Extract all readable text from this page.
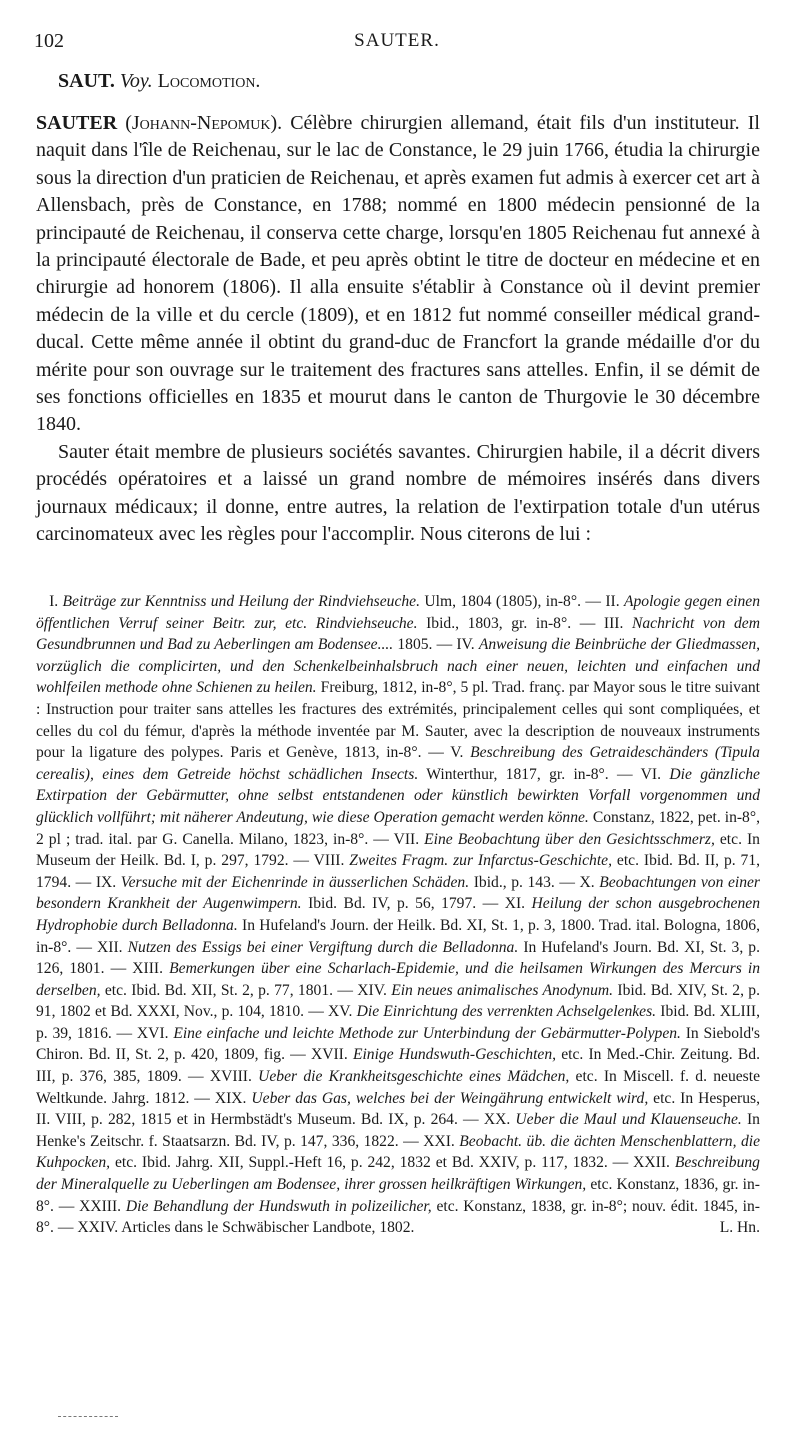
102	SAUTER.
SAUT. Voy. Locomotion.

SAUTER (Johann-Nepomuk). Célèbre chirurgien allemand, était fils d'un instituteur. Il naquit dans l'île de Reichenau, sur le lac de Constance, le 29 juin 1766, étudia la chirurgie sous la direction d'un praticien de Reichenau, et après examen fut admis à exercer cet art à Allensbach, près de Constance, en 1788; nommé en 1800 médecin pensionné de la principauté de Reichenau, il conserva cette charge, lorsqu'en 1805 Reichenau fut annexé à la principauté électorale de Bade, et peu après obtint le titre de docteur en médecine et en chirurgie ad honorem (1806). Il alla ensuite s'établir à Constance où il devint premier médecin de la ville et du cercle (1809), et en 1812 fut nommé conseiller médical grand-ducal. Cette même année il obtint du grand-duc de Francfort la grande médaille d'or du mérite pour son ouvrage sur le traitement des fractures sans attelles. Enfin, il se démit de ses fonctions officielles en 1835 et mourut dans le canton de Thurgovie le 30 décembre 1840.

Sauter était membre de plusieurs sociétés savantes. Chirurgien habile, il a décrit divers procédés opératoires et a laissé un grand nombre de mémoires insérés dans divers journaux médicaux; il donne, entre autres, la relation de l'extirpation totale d'un utérus carcinomateux avec les règles pour l'accomplir. Nous citerons de lui :

I. Beiträge zur Kenntniss und Heilung der Rindviehseuche. Ulm, 1804 (1805), in-8°. — II. Apologie gegen einen öffentlichen Verruf seiner Beitr. zur, etc. Rindviehseuche. Ibid., 1803, gr. in-8°. — III. Nachricht von dem Gesundbrunnen und Bad zu Aeberlingen am Bodensee.... 1805. — IV. Anweisung die Beinbrüche der Gliedmassen, vorzüglich die complicirten, und den Schenkelbeinhalsbruch nach einer neuen, leichten und einfachen und wohlfeilen methode ohne Schienen zu heilen. Freiburg, 1812, in-8°, 5 pl. Trad. franç. par Mayor sous le titre suivant : Instruction pour traiter sans attelles les fractures des extrémités, principalement celles qui sont compliquées, et celles du col du fémur, d'après la méthode inventée par M. Sauter, avec la description de nouveaux instruments pour la ligature des polypes. Paris et Genève, 1813, in-8°. — V. Beschreibung des Getraideschänders (Tipula cerealis), eines dem Getreide höchst schädlichen Insects. Winterthur, 1817, gr. in-8°. — VI. Die gänzliche Extirpation der Gebärmutter, ohne selbst entstandenen oder künstlich bewirkten Vorfall vorgenommen und glücklich vollführt; mit näherer Andeutung, wie diese Operation gemacht werden könne. Constanz, 1822, pet. in-8°, 2 pl ; trad. ital. par G. Canella. Milano, 1823, in-8°. — VII. Eine Beobachtung über den Gesichtsschmerz, etc. In Museum der Heilk. Bd. I, p. 297, 1792. — VIII. Zweites Fragm. zur Infarctus-Geschichte, etc. Ibid. Bd. II, p. 71, 1794. — IX. Versuche mit der Eichenrinde in äusserlichen Schäden. Ibid., p. 143. — X. Beobachtungen von einer besondern Krankheit der Augenwimpern. Ibid. Bd. IV, p. 56, 1797. — XI. Heilung der schon ausgebrochenen Hydrophobie durch Belladonna. In Hufeland's Journ. der Heilk. Bd. XI, St. 1, p. 3, 1800. Trad. ital. Bologna, 1806, in-8°. — XII. Nutzen des Essigs bei einer Vergiftung durch die Belladonna. In Hufeland's Journ. Bd. XI, St. 3, p. 126, 1801. — XIII. Bemerkungen über eine Scharlach-Epidemie, und die heilsamen Wirkungen des Mercurs in derselben, etc. Ibid. Bd. XII, St. 2, p. 77, 1801. — XIV. Ein neues animalisches Anodynum. Ibid. Bd. XIV, St. 2, p. 91, 1802 et Bd. XXXI, Nov., p. 104, 1810. — XV. Die Einrichtung des verrenkten Achselgelenkes. Ibid. Bd. XLIII, p. 39, 1816. — XVI. Eine einfache und leichte Methode zur Unterbindung der Gebärmutter-Polypen. In Siebold's Chiron. Bd. II, St. 2, p. 420, 1809, fig. — XVII. Einige Hundswuth-Geschichten, etc. In Med.-Chir. Zeitung. Bd. III, p. 376, 385, 1809. — XVIII. Ueber die Krankheitsgeschichte eines Mädchen, etc. In Miscell. f. d. neueste Weltkunde. Jahrg. 1812. — XIX. Ueber das Gas, welches bei der Weingährung entwickelt wird, etc. In Hesperus, II. VIII, p. 282, 1815 et in Hermbstädt's Museum. Bd. IX, p. 264. — XX. Ueber die Maul und Klauenseuche. In Henke's Zeitschr. f. Staatsarzn. Bd. IV, p. 147, 336, 1822. — XXI. Beobacht. üb. die ächten Menschenblattern, die Kuhpocken, etc. Ibid. Jahrg. XII, Suppl.-Heft 16, p. 242, 1832 et Bd. XXIV, p. 117, 1832. — XXII. Beschreibung der Mineralquelle zu Ueberlingen am Bodensee, ihrer grossen heilkräftigen Wirkungen, etc. Konstanz, 1836, gr. in-8°. — XXIII. Die Behandlung der Hundswuth in polizeilicher, etc. Konstanz, 1838, gr. in-8°; nouv. édit. 1845, in-8°. — XXIV. Articles dans le Schwäbischer Landbote, 1802.	L. Hn.
